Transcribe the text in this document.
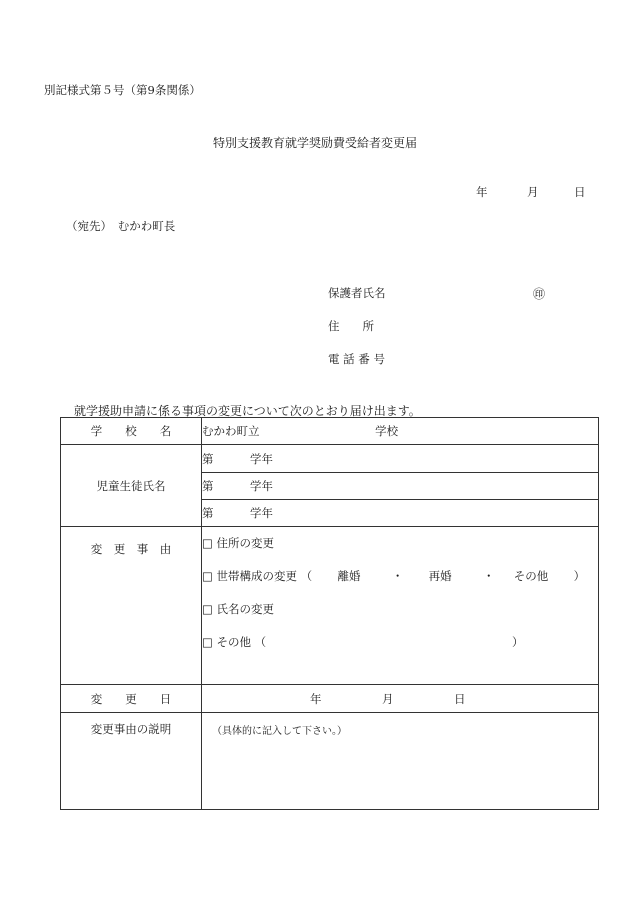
別記様式第５号（第9条関係）
特別支援教育就学奨励費受給者変更届
年	月	日
（宛先）　むかわ町長
保護者氏名	㊞
住　　所
電 話 番 号
就学援助申請に係る事項の変更について次のとおり届け出ます。
学　　校　　名	むかわ町立 学校
児童生徒氏名	第 学年
	第 学年
	第 学年
変　更　事　由	□ 住所の変更
□ 世帯構成の変更 （ 離婚 ・ 再婚 ・ その他 ）
□ 氏名の変更
□ その他 （ ）

変　　更　　日	年 月 日

変更事由の説明	（具体的に記入して下さい。）
